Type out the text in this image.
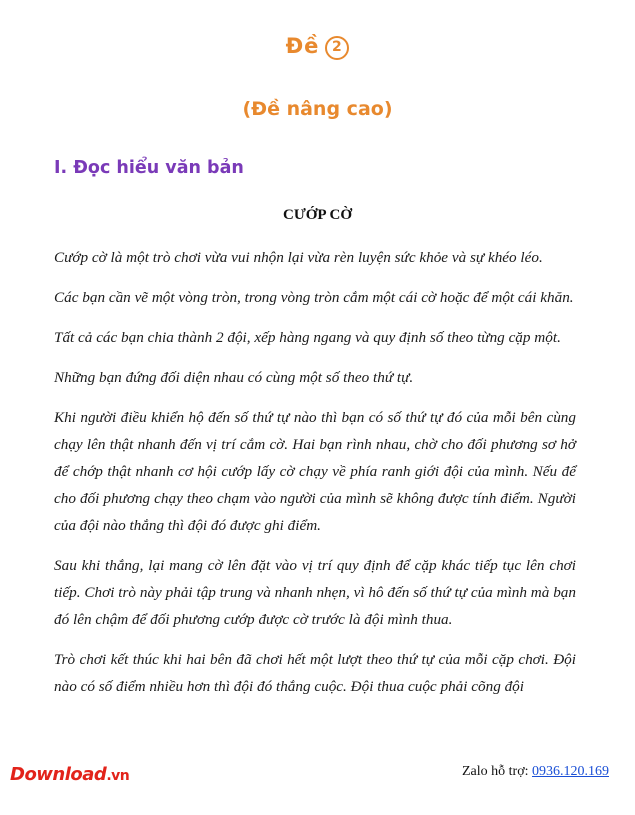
Đề 2
(Đề nâng cao)
I. Đọc hiểu văn bản
CƯỚP CỜ

Cướp cờ là một trò chơi vừa vui nhộn lại vừa rèn luyện sức khỏe và sự khéo léo.

Các bạn cần vẽ một vòng tròn, trong vòng tròn cắm một cái cờ hoặc để một cái khăn.

Tất cả các bạn chia thành 2 đội, xếp hàng ngang và quy định số theo từng cặp một.

Những bạn đứng đối diện nhau có cùng một số theo thứ tự.

Khi người điều khiển hộ đến số thứ tự nào thì bạn có số thứ tự đó của mỗi bên cùng chạy lên thật nhanh đến vị trí cắm cờ. Hai bạn rình nhau, chờ cho đối phương sơ hở để chớp thật nhanh cơ hội cướp lấy cờ chạy về phía ranh giới đội của mình. Nếu để cho đối phương chạy theo chạm vào người của mình sẽ không được tính điểm. Người của đội nào thắng thì đội đó được ghi điểm.

Sau khi thắng, lại mang cờ lên đặt vào vị trí quy định để cặp khác tiếp tục lên chơi tiếp. Chơi trò này phải tập trung và nhanh nhẹn, vì hô đến số thứ tự của mình mà bạn đó lên chậm để đối phương cướp được cờ trước là đội mình thua.

Trò chơi kết thúc khi hai bên đã chơi hết một lượt theo thứ tự của mỗi cặp chơi. Đội nào có số điểm nhiều hơn thì đội đó thắng cuộc. Đội thua cuộc phải cõng đội

Download.vn	Zalo hỗ trợ: 0936.120.169
